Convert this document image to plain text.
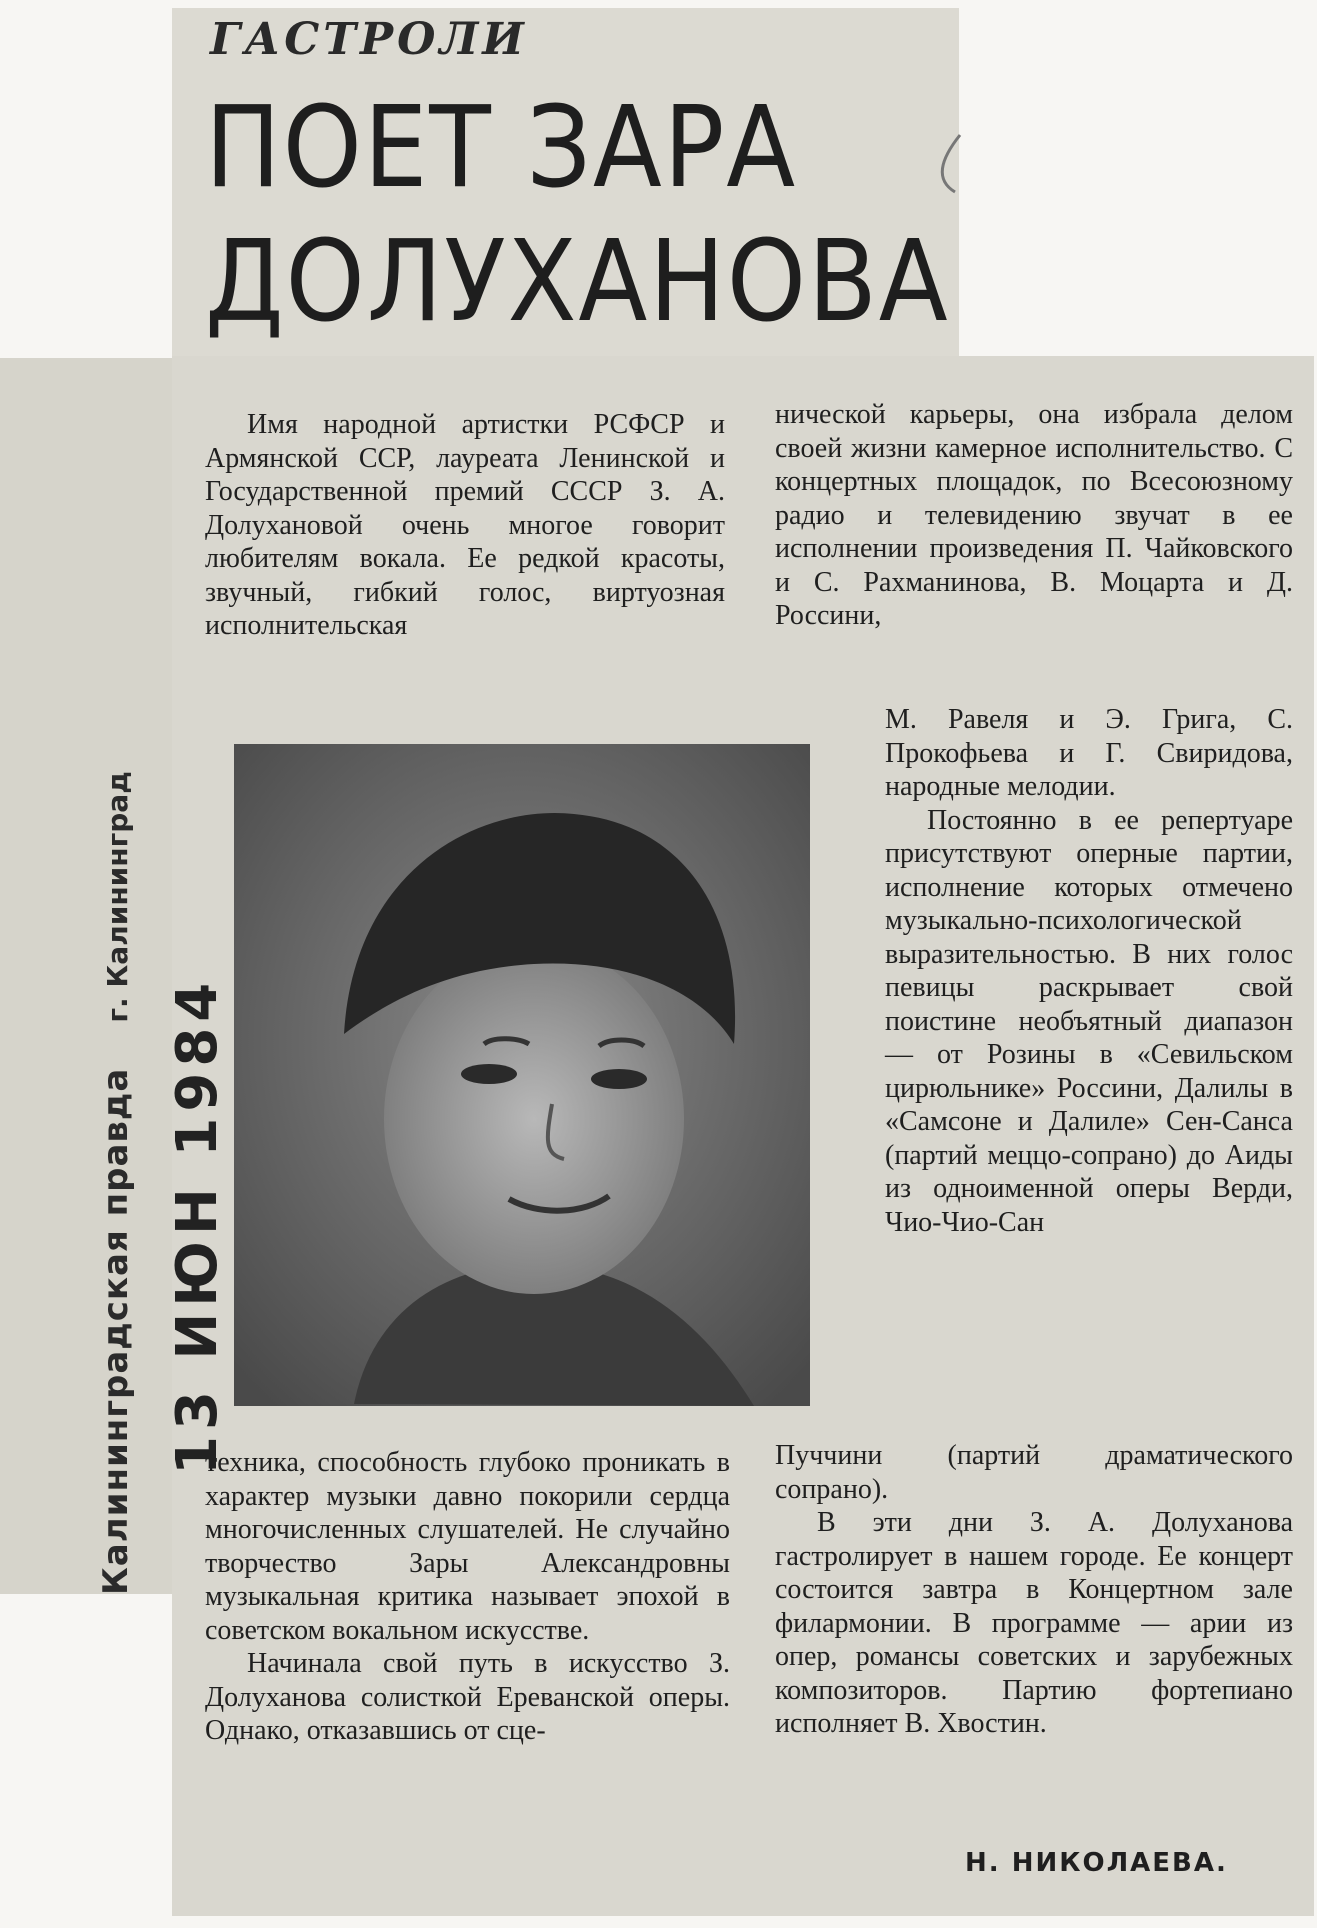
ГАСТРОЛИ
ПОЕТ ЗАРА
ДОЛУХАНОВА

Имя народной артистки РСФСР и Армянской ССР, лауреата Ленинской и Государственной премий СССР З. А. Долухановой очень многое говорит любителям вокала. Ее редкой красоты, звучный, гибкий голос, виртуозная исполнительская

техника, способность глубоко проникать в характер музыки давно покорили сердца многочисленных слушателей. Не случайно творчество Зары Александровны музыкальная критика называет эпохой в советском вокальном искусстве.

Начинала свой путь в искусство З. Долуханова солисткой Ереванской оперы. Однако, отказавшись от сце-

нической карьеры, она избрала делом своей жизни камерное исполнительство. С концертных площадок, по Всесоюзному радио и телевидению звучат в ее исполнении произведения П. Чайковского и С. Рахманинова, В. Моцарта и Д. Россини,

М. Равеля и Э. Грига, С. Прокофьева и Г. Свиридова, народные мелодии.

Постоянно в ее репертуаре присутствуют оперные партии, исполнение которых отмечено музыкально-психологической выразительностью. В них голос певицы раскрывает свой поистине необъятный диапазон — от Розины в «Севильском цирюльнике» Россини, Далилы в «Самсоне и Далиле» Сен-Санса (партий меццо-сопрано) до Аиды из одноименной оперы Верди, Чио-Чио-Сан

Пуччини (партий драматического сопрано).

В эти дни З. А. Долуханова гастролирует в нашем городе. Ее концерт состоится завтра в Концертном зале филармонии. В программе — арии из опер, романсы советских и зарубежных композиторов. Партию фортепиано исполняет В. Хвостин.

Н. НИКОЛАЕВА.
Калининградская правда г. Калининград
13 ИЮН 1984
